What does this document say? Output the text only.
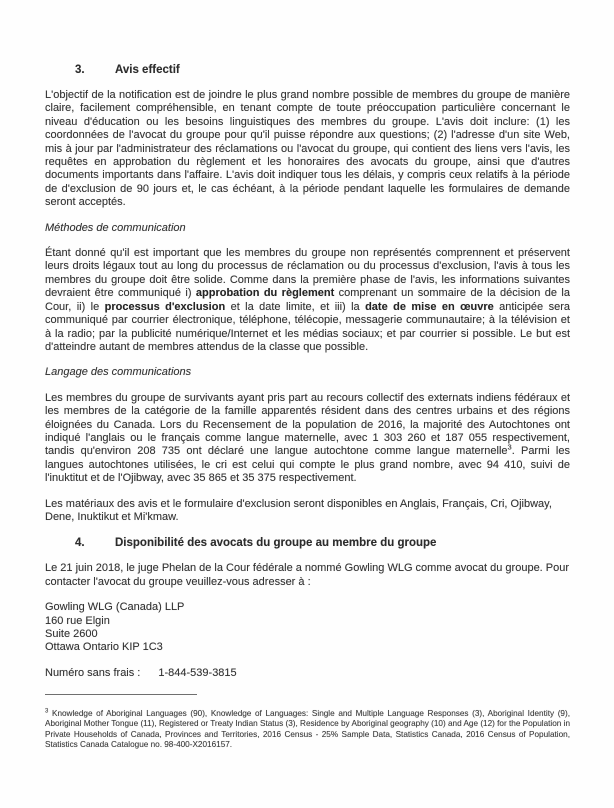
3.	Avis effectif

L'objectif de la notification est de joindre le plus grand nombre possible de membres du groupe de manière claire, facilement compréhensible, en tenant compte de toute préoccupation particulière concernant le niveau d'éducation ou les besoins linguistiques des membres du groupe. L'avis doit inclure: (1) les coordonnées de l'avocat du groupe pour qu'il puisse répondre aux questions; (2) l'adresse d'un site Web, mis à jour par l'administrateur des réclamations ou l'avocat du groupe, qui contient des liens vers l'avis, les requêtes en approbation du règlement et les honoraires des avocats du groupe, ainsi que d'autres documents importants dans l'affaire. L'avis doit indiquer tous les délais, y compris ceux relatifs à la période de d'exclusion de 90 jours et, le cas échéant, à la période pendant laquelle les formulaires de demande seront acceptés.

Méthodes de communication

Étant donné qu'il est important que les membres du groupe non représentés comprennent et préservent leurs droits légaux tout au long du processus de réclamation ou du processus d'exclusion, l'avis à tous les membres du groupe doit être solide. Comme dans la première phase de l'avis, les informations suivantes devraient être communiqué i) approbation du règlement comprenant un sommaire de la décision de la Cour, ii) le processus d'exclusion et la date limite, et iii) la date de mise en œuvre anticipée sera communiqué par courrier électronique, téléphone, télécopie, messagerie communautaire; à la télévision et à la radio; par la publicité numérique/Internet et les médias sociaux; et par courrier si possible. Le but est d'atteindre autant de membres attendus de la classe que possible.

Langage des communications

Les membres du groupe de survivants ayant pris part au recours collectif des externats indiens fédéraux et les membres de la catégorie de la famille apparentés résident dans des centres urbains et des régions éloignées du Canada. Lors du Recensement de la population de 2016, la majorité des Autochtones ont indiqué l'anglais ou le français comme langue maternelle, avec 1 303 260 et 187 055 respectivement, tandis qu'environ 208 735 ont déclaré une langue autochtone comme langue maternelle$^3$. Parmi les langues autochtones utilisées, le cri est celui qui compte le plus grand nombre, avec 94 410, suivi de l'inuktitut et de l'Ojibway, avec 35 865 et 35 375 respectivement.

Les matériaux des avis et le formulaire d'exclusion seront disponibles en Anglais, Français, Cri, Ojibway, Dene, Inuktikut et Mi'kmaw.

4.	Disponibilité des avocats du groupe au membre du groupe

Le 21 juin 2018, le juge Phelan de la Cour fédérale a nommé Gowling WLG comme avocat du groupe. Pour contacter l'avocat du groupe veuillez-vous adresser à :

Gowling WLG (Canada) LLP
160 rue Elgin
Suite 2600
Ottawa Ontario KIP 1C3
Numéro sans frais : 1-844-539-3815
$^3$ Knowledge of Aboriginal Languages (90), Knowledge of Languages: Single and Multiple Language Responses (3), Aboriginal Identity (9), Aboriginal Mother Tongue (11), Registered or Treaty Indian Status (3), Residence by Aboriginal geography (10) and Age (12) for the Population in Private Households of Canada, Provinces and Territories, 2016 Census - 25% Sample Data, Statistics Canada, 2016 Census of Population, Statistics Canada Catalogue no. 98-400-X2016157.
